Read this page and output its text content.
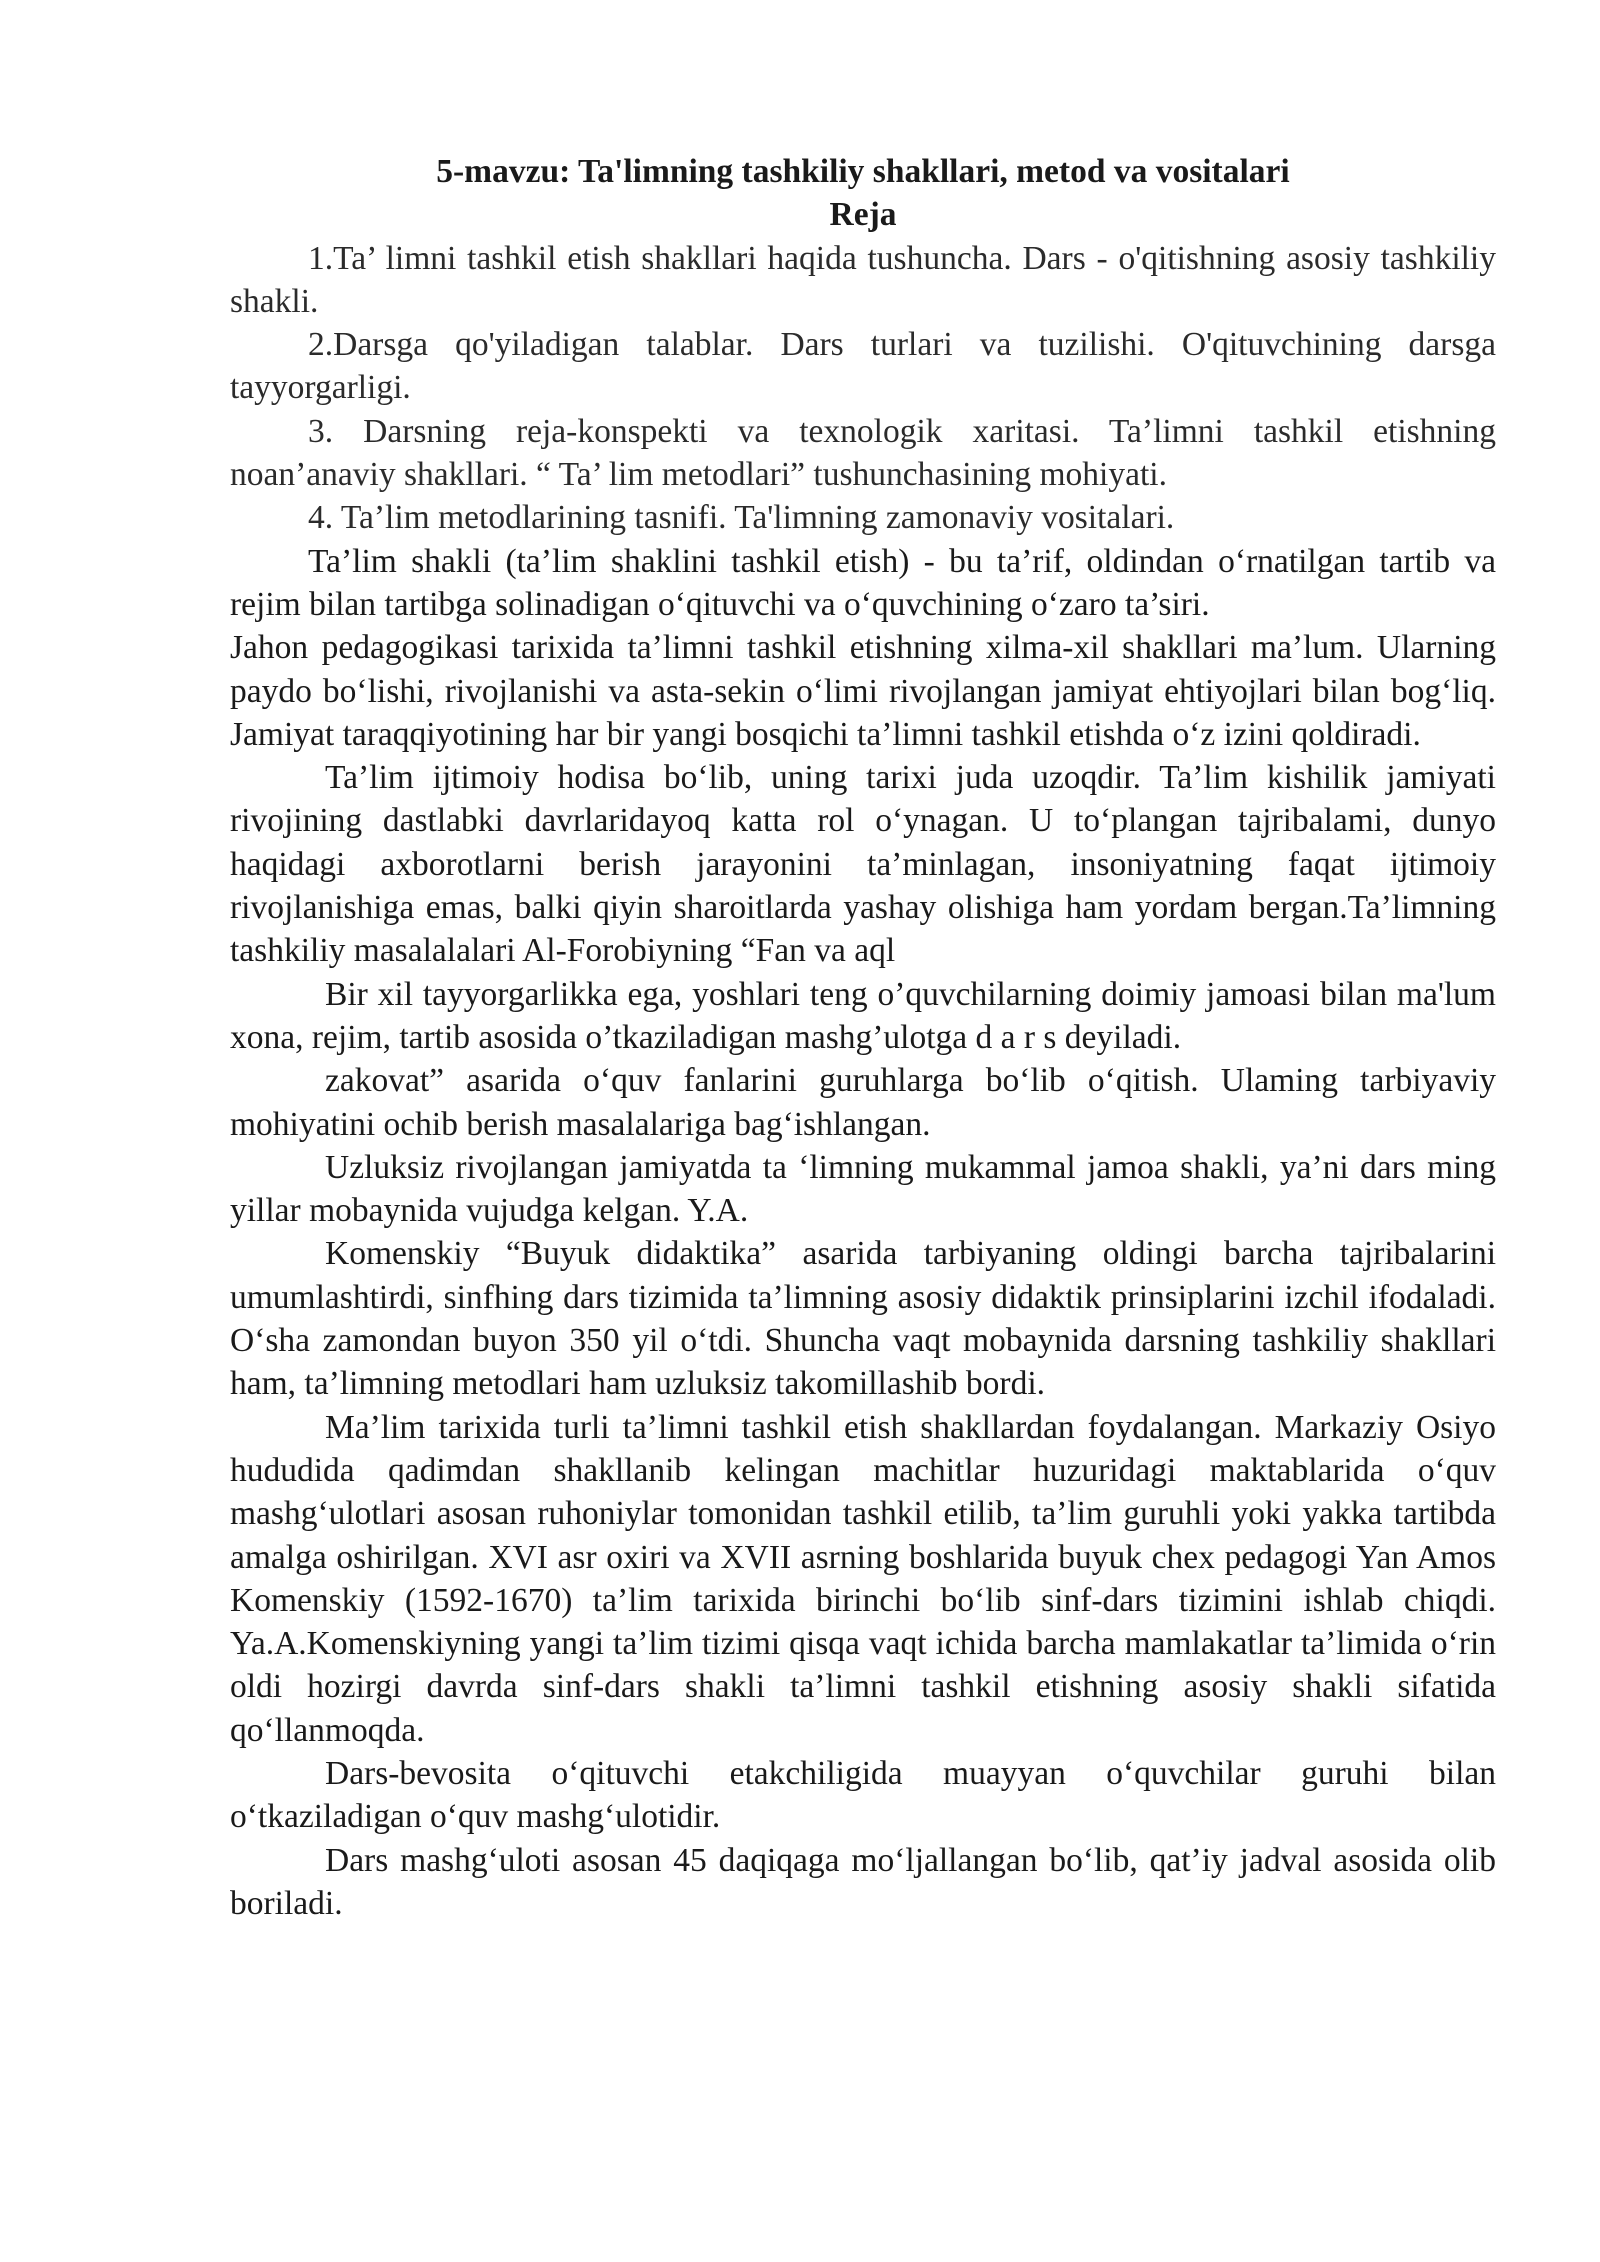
5-mavzu: Ta'limning tashkiliy shakllari, metod va vositalari

Reja

1.Ta’ limni tashkil etish shakllari haqida tushuncha. Dars - o'qitishning asosiy tashkiliy shakli.

2.Darsga qo'yiladigan talablar. Dars turlari va tuzilishi. O'qituvchining darsga tayyorgarligi.

3. Darsning reja-konspekti va texnologik xaritasi. Ta’limni tashkil etishning noan’anaviy shakllari. “ Ta’ lim metodlari” tushunchasining mohiyati.

4. Ta’lim metodlarining tasnifi. Ta'limning zamonaviy vositalari.

Ta’lim shakli (ta’lim shaklini tashkil etish) - bu ta’rif, oldindan o‘rnatilgan tartib va rejim bilan tartibga solinadigan o‘qituvchi va o‘quvchining o‘zaro ta’siri.

Jahon pedagogikasi tarixida ta’limni tashkil etishning xilma-xil shakllari ma’lum. Ularning paydo bo‘lishi, rivojlanishi va asta-sekin o‘limi rivojlangan jamiyat ehtiyojlari bilan bog‘liq. Jamiyat taraqqiyotining har bir yangi bosqichi ta’limni tashkil etishda o‘z izini qoldiradi.

Ta’lim ijtimoiy hodisa bo‘lib, uning tarixi juda uzoqdir. Ta’lim kishilik jamiyati rivojining dastlabki davrlaridayoq katta rol o‘ynagan. U to‘plangan tajribalami, dunyo haqidagi axborotlarni berish jarayonini ta’minlagan, insoniyatning faqat ijtimoiy rivojlanishiga emas, balki qiyin sharoitlarda yashay olishiga ham yordam bergan.Ta’limning tashkiliy masalalalari Al-Forobiyning “Fan va aql

Bir xil tayyorgarlikka ega, yoshlari teng o’quvchilarning doimiy jamoasi bilan ma'lum xona, rejim, tartib asosida o’tkaziladigan mashg’ulotga d a r s deyiladi.

zakovat” asarida o‘quv fanlarini guruhlarga bo‘lib o‘qitish. Ulaming tarbiyaviy mohiyatini ochib berish masalalariga bag‘ishlangan.

Uzluksiz rivojlangan jamiyatda ta ‘limning mukammal jamoa shakli, ya’ni dars ming yillar mobaynida vujudga kelgan. Y.A.

Komenskiy “Buyuk didaktika” asarida tarbiyaning oldingi barcha tajribalarini umumlashtirdi, sinfhing dars tizimida ta’limning asosiy didaktik prinsiplarini izchil ifodaladi. O‘sha zamondan buyon 350 yil o‘tdi. Shuncha vaqt mobaynida darsning tashkiliy shakllari ham, ta’limning metodlari ham uzluksiz takomillashib bordi.

Ma’lim tarixida turli ta’limni tashkil etish shakllardan foydalangan. Markaziy Osiyo hududida qadimdan shakllanib kelingan machitlar huzuridagi maktablarida o‘quv mashg‘ulotlari asosan ruhoniylar tomonidan tashkil etilib, ta’lim guruhli yoki yakka tartibda amalga oshirilgan. XVI asr oxiri va XVII asrning boshlarida buyuk chex pedagogi Yan Amos Komenskiy (1592-1670) ta’lim tarixida birinchi bo‘lib sinf-dars tizimini ishlab chiqdi. Ya.A.Komenskiyning yangi ta’lim tizimi qisqa vaqt ichida barcha mamlakatlar ta’limida o‘rin oldi hozirgi davrda sinf-dars shakli ta’limni tashkil etishning asosiy shakli sifatida qo‘llanmoqda.

Dars-bevosita o‘qituvchi etakchiligida muayyan o‘quvchilar guruhi bilan o‘tkaziladigan o‘quv mashg‘ulotidir.

Dars mashg‘uloti asosan 45 daqiqaga mo‘ljallangan bo‘lib, qat’iy jadval asosida olib boriladi.
